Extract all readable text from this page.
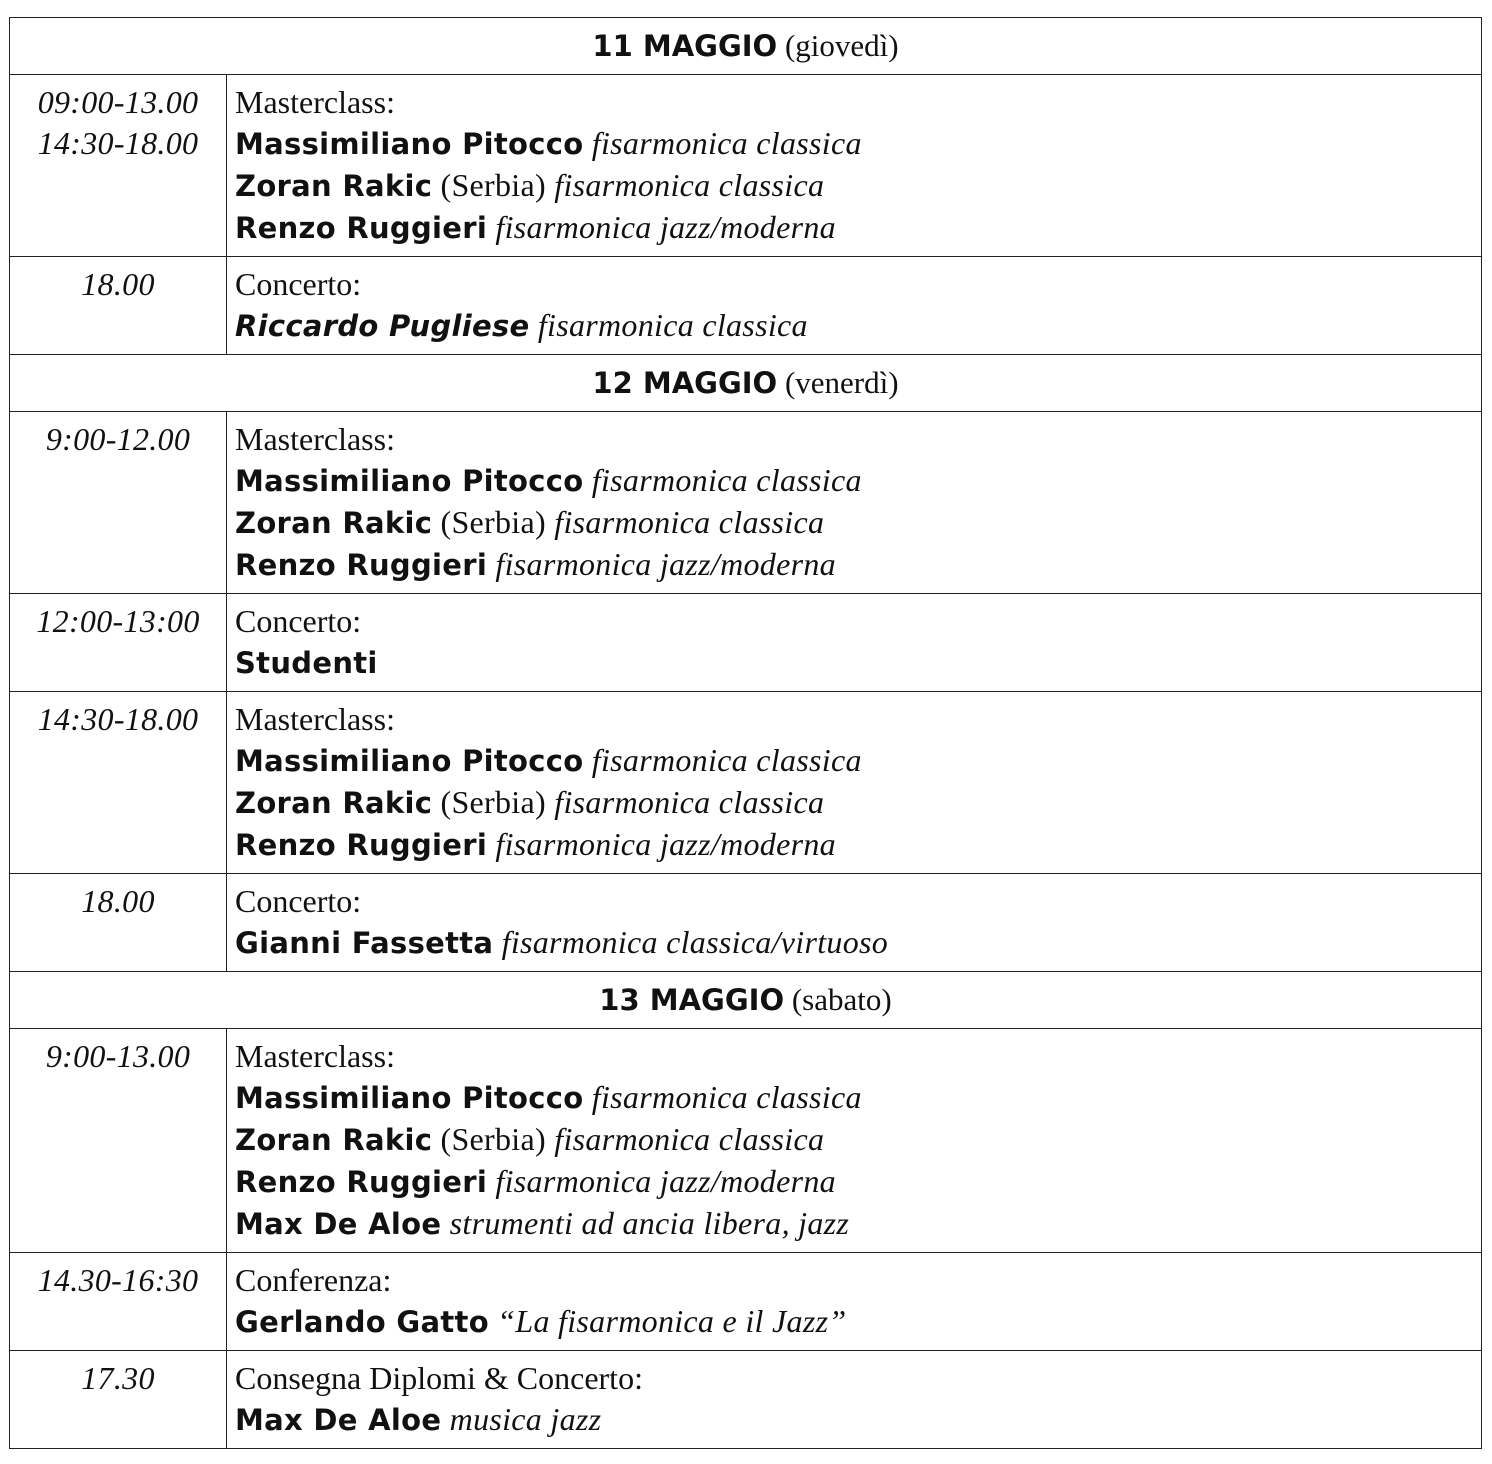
11 MAGGIO (giovedì)	

09:00-13.00
14:30-18.00	Masterclass:
Massimiliano Pitocco fisarmonica classica
Zoran Rakic (Serbia) fisarmonica classica
Renzo Ruggieri fisarmonica jazz/moderna

18.00	Concerto:
Riccardo Pugliese fisarmonica classica

12 MAGGIO (venerdì)	

9:00-12.00	Masterclass:
Massimiliano Pitocco fisarmonica classica
Zoran Rakic (Serbia) fisarmonica classica
Renzo Ruggieri fisarmonica jazz/moderna

12:00-13:00	Concerto:
Studenti

14:30-18.00	Masterclass:
Massimiliano Pitocco fisarmonica classica
Zoran Rakic (Serbia) fisarmonica classica
Renzo Ruggieri fisarmonica jazz/moderna

18.00	Concerto:
Gianni Fassetta fisarmonica classica/virtuoso

13 MAGGIO (sabato)	

9:00-13.00	Masterclass:
Massimiliano Pitocco fisarmonica classica
Zoran Rakic (Serbia) fisarmonica classica
Renzo Ruggieri fisarmonica jazz/moderna
Max De Aloe strumenti ad ancia libera, jazz

14.30-16:30	Conferenza:
Gerlando Gatto “La fisarmonica e il Jazz”

17.30	Consegna Diplomi & Concerto:
Max De Aloe musica jazz
